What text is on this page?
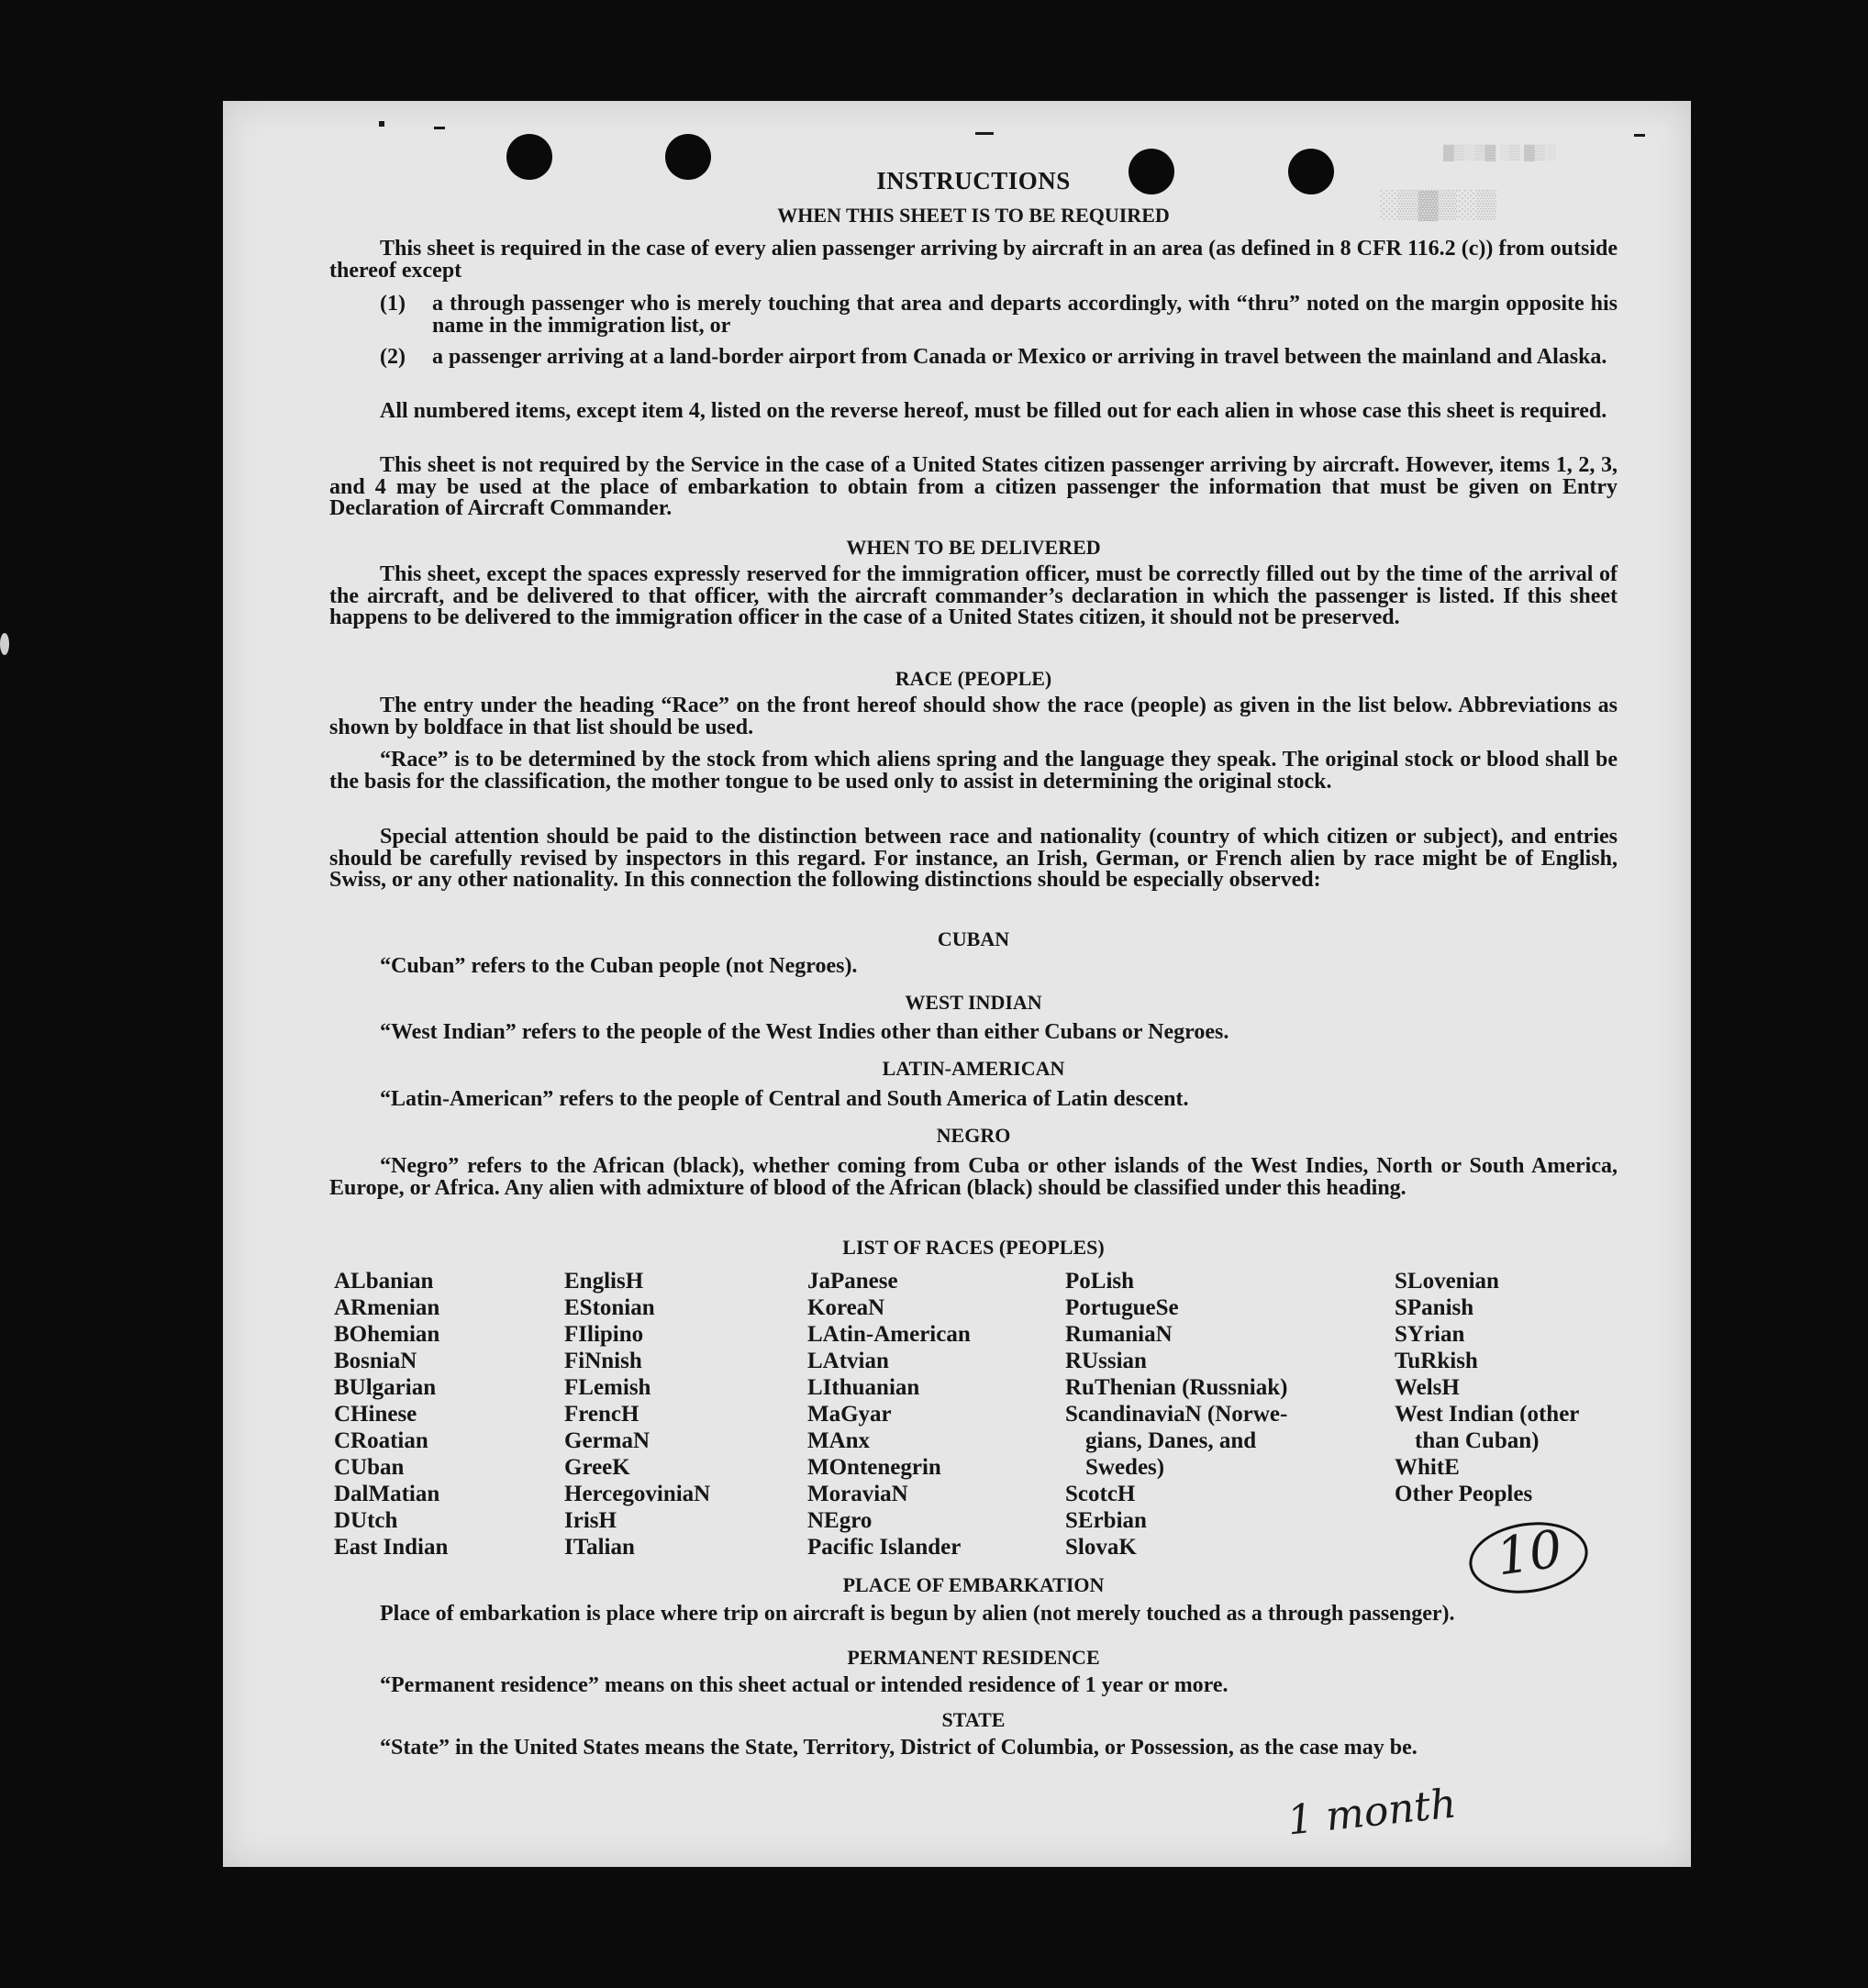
▓▒░▒▓ ░▒ ▓▒░
░▒▓▒░▒
INSTRUCTIONS
WHEN THIS SHEET IS TO BE REQUIRED
This sheet is required in the case of every alien passenger arriving by aircraft in an area (as defined in 8 CFR 116.2 (c)) from outside thereof except
(1) a through passenger who is merely touching that area and departs accordingly, with “thru” noted on the margin opposite his name in the immigration list, or
(2) a passenger arriving at a land-border airport from Canada or Mexico or arriving in travel between the mainland and Alaska.
All numbered items, except item 4, listed on the reverse hereof, must be filled out for each alien in whose case this sheet is required.
This sheet is not required by the Service in the case of a United States citizen passenger arriving by aircraft. However, items 1, 2, 3, and 4 may be used at the place of embarkation to obtain from a citizen passenger the information that must be given on Entry Declaration of Aircraft Commander.
WHEN TO BE DELIVERED
This sheet, except the spaces expressly reserved for the immigration officer, must be correctly filled out by the time of the arrival of the aircraft, and be delivered to that officer, with the aircraft commander’s declaration in which the passenger is listed. If this sheet happens to be delivered to the immigration officer in the case of a United States citizen, it should not be preserved.
RACE (PEOPLE)
The entry under the heading “Race” on the front hereof should show the race (people) as given in the list below. Abbreviations as shown by boldface in that list should be used.
“Race” is to be determined by the stock from which aliens spring and the language they speak. The original stock or blood shall be the basis for the classification, the mother tongue to be used only to assist in determining the original stock.
Special attention should be paid to the distinction between race and nationality (country of which citizen or subject), and entries should be carefully revised by inspectors in this regard. For instance, an Irish, German, or French alien by race might be of English, Swiss, or any other nationality. In this connection the following distinctions should be especially observed:
CUBAN
“Cuban” refers to the Cuban people (not Negroes).
WEST INDIAN
“West Indian” refers to the people of the West Indies other than either Cubans or Negroes.
LATIN-AMERICAN
“Latin-American” refers to the people of Central and South America of Latin descent.
NEGRO
“Negro” refers to the African (black), whether coming from Cuba or other islands of the West Indies, North or South America, Europe, or Africa. Any alien with admixture of blood of the African (black) should be classified under this heading.
LIST OF RACES (PEOPLES)
ALbanian
ARmenian
BOhemian
BosniaN
BUlgarian
CHinese
CRoatian
CUban
DalMatian
DUtch
East Indian
EnglisH
EStonian
FIlipino
FiNnish
FLemish
FrencH
GermaN
GreeK
HercegoviniaN
IrisH
ITalian
JaPanese
KoreaN
LAtin-American
LAtvian
LIthuanian
MaGyar
MAnx
MOntenegrin
MoraviaN
NEgro
Pacific Islander
PoLish
PortugueSe
RumaniaN
RUssian
RuThenian (Russniak)
ScandinaviaN (Norwe-
gians, Danes, and
Swedes)
ScotcH
SErbian
SlovaK
SLovenian
SPanish
SYrian
TuRkish
WelsH
West Indian (other
than Cuban)
WhitE
Other Peoples
10
PLACE OF EMBARKATION
Place of embarkation is place where trip on aircraft is begun by alien (not merely touched as a through passenger).
PERMANENT RESIDENCE
“Permanent residence” means on this sheet actual or intended residence of 1 year or more.
STATE
“State” in the United States means the State, Territory, District of Columbia, or Possession, as the case may be.
1 month
